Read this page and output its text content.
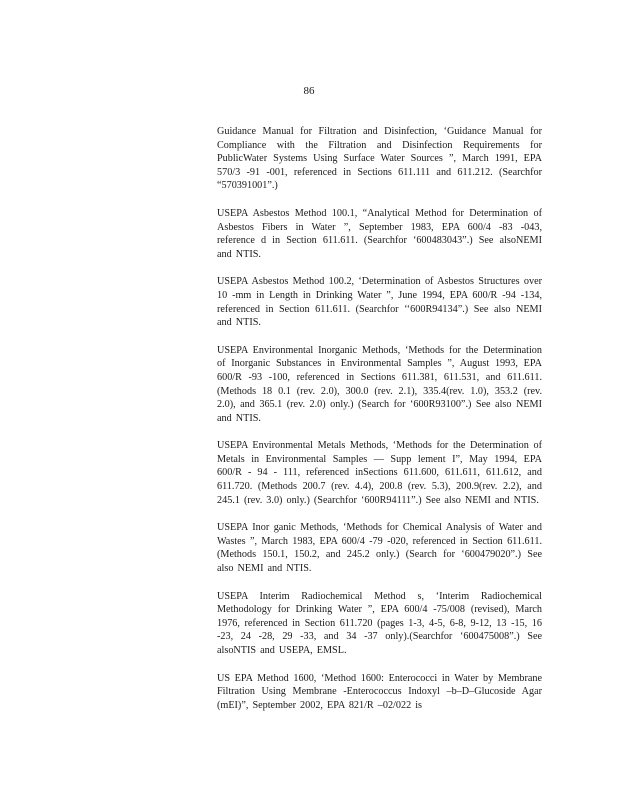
86
Guidance Manual for Filtration and Disinfection, ‘Guidance Manual for Compliance with the Filtration and Disinfection Requirements for PublicWater Systems Using Surface Water Sources ”, March 1991, EPA 570/3 -91 -001, referenced in Sections 611.111 and 611.212. (Searchfor “570391001”.)
USEPA Asbestos Method 100.1, “Analytical Method for Determination of Asbestos Fibers in Water ”, September 1983, EPA 600/4 -83 -043, reference d in Section 611.611. (Searchfor ‘600483043”.) See alsoNEMI and NTIS.
USEPA Asbestos Method 100.2, ‘Determination of Asbestos Structures over 10 -mm in Length in Drinking Water ”, June 1994, EPA 600/R -94 -134, referenced in Section 611.611. (Searchfor ‘‘600R94134”.) See also NEMI and NTIS.
USEPA Environmental Inorganic Methods, ‘Methods for the Determination of Inorganic Substances in Environmental Samples ”, August 1993, EPA 600/R -93 -100, referenced in Sections 611.381, 611.531, and 611.611. (Methods 18 0.1 (rev. 2.0), 300.0 (rev. 2.1), 335.4(rev. 1.0), 353.2 (rev. 2.0), and 365.1 (rev. 2.0) only.) (Search for ‘600R93100”.) See also NEMI and NTIS.
USEPA Environmental Metals Methods, ‘Methods for the Determination of Metals in Environmental Samples — Supp lement I”, May 1994, EPA 600/R - 94 - 111, referenced inSections 611.600, 611.611, 611.612, and 611.720. (Methods 200.7 (rev. 4.4), 200.8 (rev. 5.3), 200.9(rev. 2.2), and 245.1 (rev. 3.0) only.) (Searchfor ‘600R94111”.) See also NEMI and NTIS.
USEPA Inor ganic Methods, ‘Methods for Chemical Analysis of Water and Wastes ”, March 1983, EPA 600/4 -79 -020, referenced in Section 611.611. (Methods 150.1, 150.2, and 245.2 only.) (Search for ‘600479020”.) See also NEMI and NTIS.
USEPA Interim Radiochemical Method s, ‘Interim Radiochemical Methodology for Drinking Water ”, EPA 600/4 -75/008 (revised), March 1976, referenced in Section 611.720 (pages 1-3, 4-5, 6-8, 9-12, 13 -15, 16 -23, 24 -28, 29 -33, and 34 -37 only).(Searchfor ‘600475008”.) See alsoNTIS and USEPA, EMSL.
US EPA Method 1600, ‘Method 1600: Enterococci in Water by Membrane Filtration Using Membrane -Enterococcus Indoxyl –b–D–Glucoside Agar (mEI)”, September 2002, EPA 821/R –02/022 is
